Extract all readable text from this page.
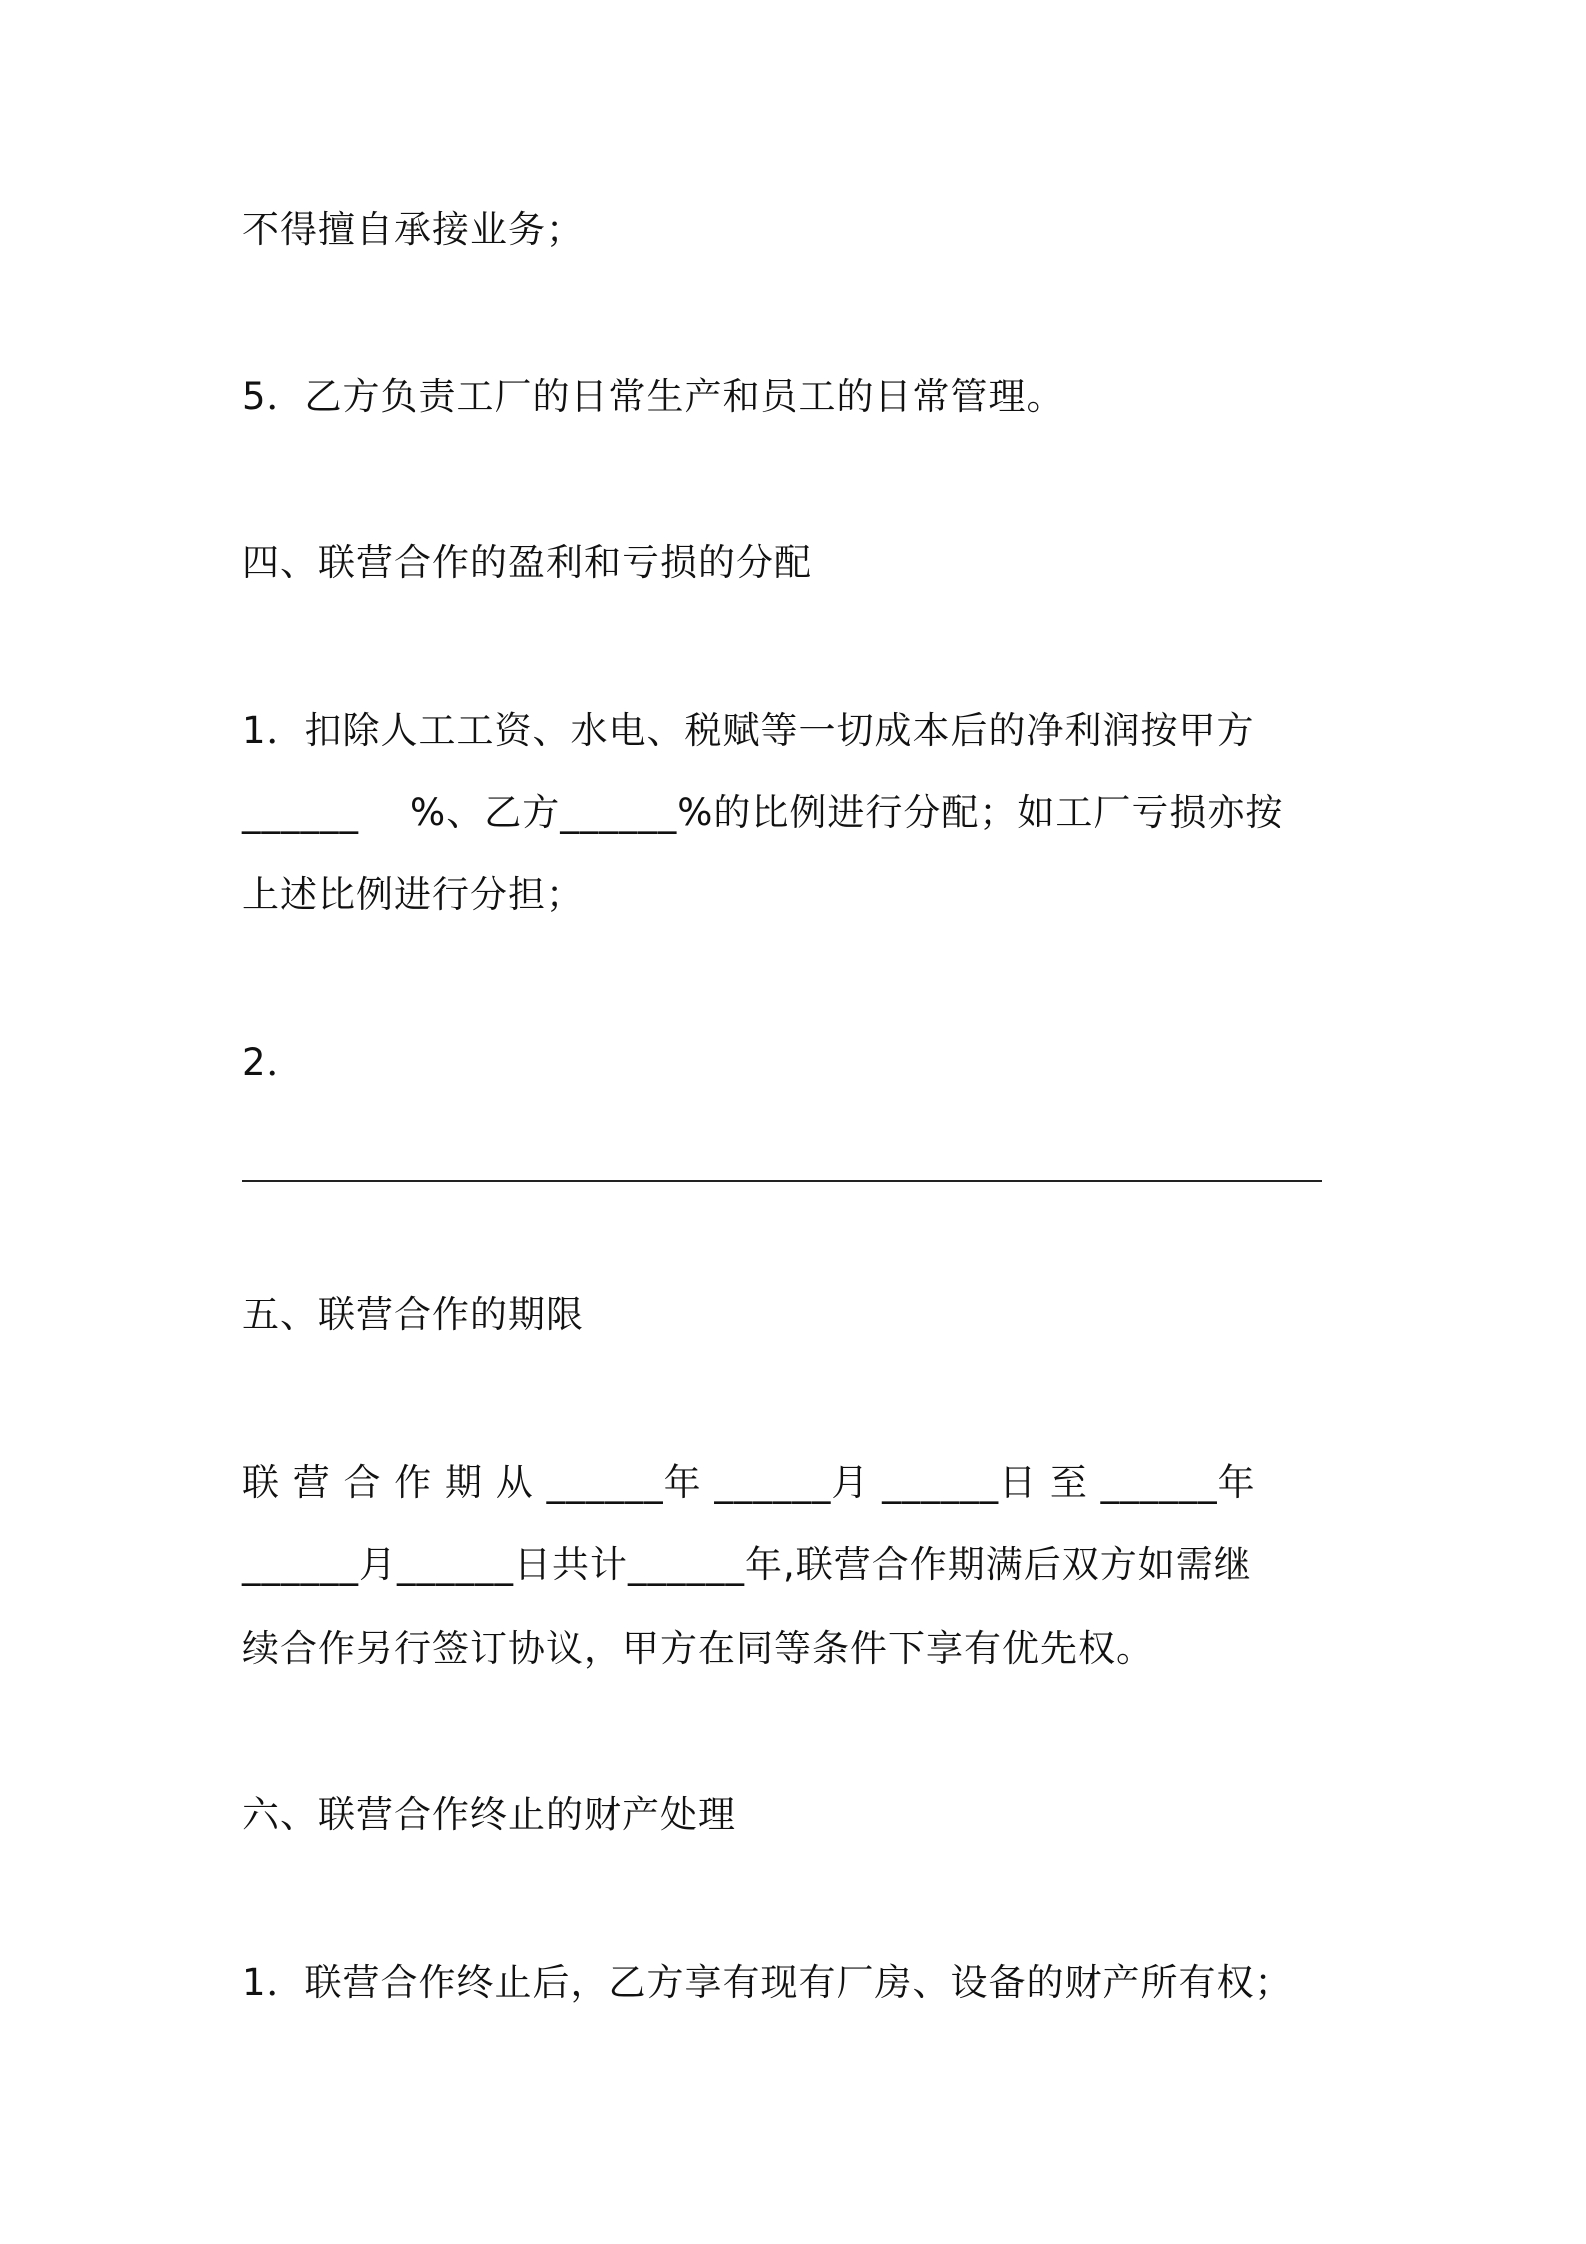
不得擅自承接业务；
5．乙方负责工厂的日常生产和员工的日常管理。
四、联营合作的盈利和亏损的分配
1．扣除人工工资、水电、税赋等一切成本后的净利润按甲方
______    %、乙方______%的比例进行分配；如工厂亏损亦按
上述比例进行分担；
2．
五、联营合作的期限
联 营 合 作 期 从 ______年 ______月 ______日 至 ______年
______月______日共计______年,联营合作期满后双方如需继
续合作另行签订协议，甲方在同等条件下享有优先权。
六、联营合作终止的财产处理
1．联营合作终止后，乙方享有现有厂房、设备的财产所有权；
